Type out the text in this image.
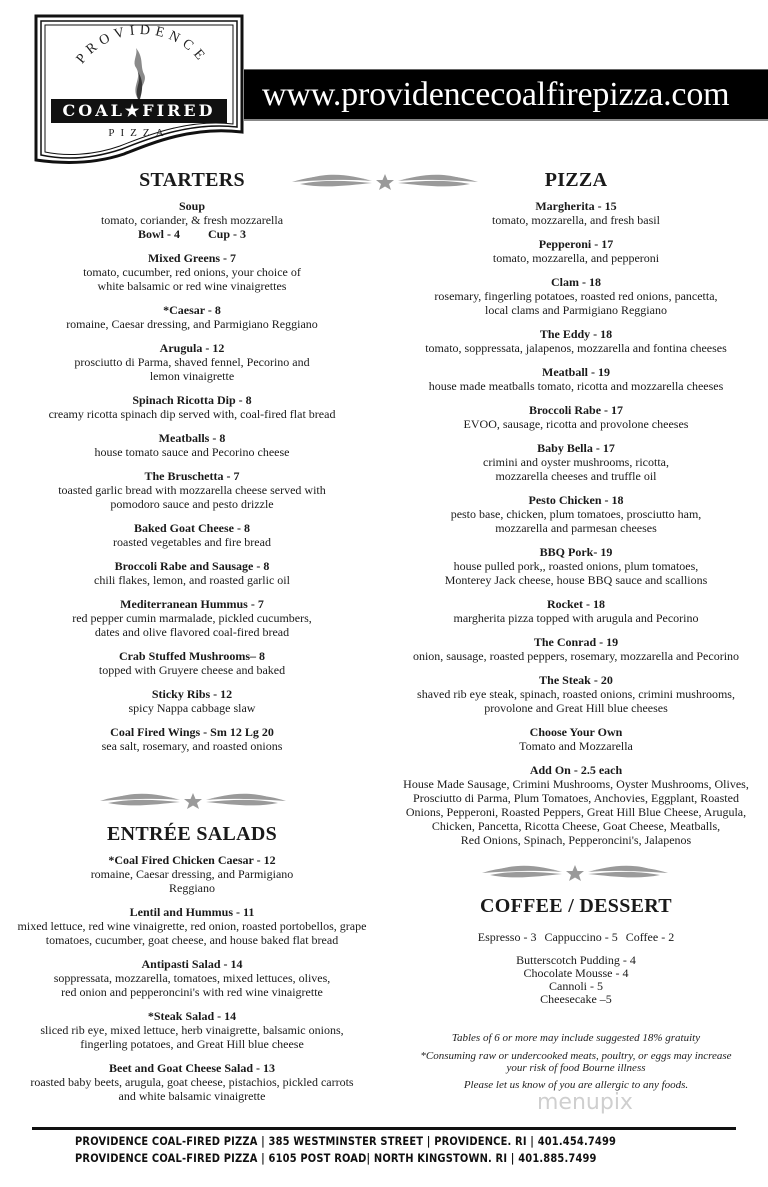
PROVIDENCE
COAL★FIRED
PIZZA
www.providencecoalfirepizza.com
STARTERS
Soup
tomato, coriander, & fresh mozzarella
Bowl - 4 Cup - 3
Mixed Greens - 7
tomato, cucumber, red onions, your choice of
white balsamic or red wine vinaigrettes
*Caesar - 8
romaine, Caesar dressing, and Parmigiano Reggiano
Arugula - 12
prosciutto di Parma, shaved fennel, Pecorino and
lemon vinaigrette
Spinach Ricotta Dip - 8
creamy ricotta spinach dip served with, coal-fired flat bread
Meatballs - 8
house tomato sauce and Pecorino cheese
The Bruschetta - 7
toasted garlic bread with mozzarella cheese served with
pomodoro sauce and pesto drizzle
Baked Goat Cheese - 8
roasted vegetables and fire bread
Broccoli Rabe and Sausage - 8
chili flakes, lemon, and roasted garlic oil
Mediterranean Hummus - 7
red pepper cumin marmalade, pickled cucumbers,
dates and olive flavored coal-fired bread
Crab Stuffed Mushrooms– 8
topped with Gruyere cheese and baked
Sticky Ribs - 12
spicy Nappa cabbage slaw
Coal Fired Wings - Sm 12 Lg 20
sea salt, rosemary, and roasted onions
ENTRÉE SALADS
*Coal Fired Chicken Caesar - 12
romaine, Caesar dressing, and Parmigiano
Reggiano
Lentil and Hummus - 11
mixed lettuce, red wine vinaigrette, red onion, roasted portobellos, grape
tomatoes, cucumber, goat cheese, and house baked flat bread
Antipasti Salad - 14
soppressata, mozzarella, tomatoes, mixed lettuces, olives,
red onion and pepperoncini's with red wine vinaigrette
*Steak Salad - 14
sliced rib eye, mixed lettuce, herb vinaigrette, balsamic onions,
fingerling potatoes, and Great Hill blue cheese
Beet and Goat Cheese Salad - 13
roasted baby beets, arugula, goat cheese, pistachios, pickled carrots
and white balsamic vinaigrette
PIZZA
Margherita - 15
tomato, mozzarella, and fresh basil
Pepperoni - 17
tomato, mozzarella, and pepperoni
Clam - 18
rosemary, fingerling potatoes, roasted red onions, pancetta,
local clams and Parmigiano Reggiano
The Eddy - 18
tomato, soppressata, jalapenos, mozzarella and fontina cheeses
Meatball - 19
house made meatballs tomato, ricotta and mozzarella cheeses
Broccoli Rabe - 17
EVOO, sausage, ricotta and provolone cheeses
Baby Bella - 17
crimini and oyster mushrooms, ricotta,
mozzarella cheeses and truffle oil
Pesto Chicken - 18
pesto base, chicken, plum tomatoes, prosciutto ham,
mozzarella and parmesan cheeses
BBQ Pork- 19
house pulled pork,, roasted onions, plum tomatoes,
Monterey Jack cheese, house BBQ sauce and scallions
Rocket - 18
margherita pizza topped with arugula and Pecorino
The Conrad - 19
onion, sausage, roasted peppers, rosemary, mozzarella and Pecorino
The Steak - 20
shaved rib eye steak, spinach, roasted onions, crimini mushrooms,
provolone and Great Hill blue cheeses
Choose Your Own
Tomato and Mozzarella
Add On - 2.5 each
House Made Sausage, Crimini Mushrooms, Oyster Mushrooms, Olives,
Prosciutto di Parma, Plum Tomatoes, Anchovies, Eggplant, Roasted
Onions, Pepperoni, Roasted Peppers, Great Hill Blue Cheese, Arugula,
Chicken, Pancetta, Ricotta Cheese, Goat Cheese, Meatballs,
Red Onions, Spinach, Pepperoncini's, Jalapenos
COFFEE / DESSERT
Espresso - 3 Cappuccino - 5 Coffee - 2
Butterscotch Pudding - 4
Chocolate Mousse - 4
Cannoli - 5
Cheesecake –5
Tables of 6 or more may include suggested 18% gratuity
*Consuming raw or undercooked meats, poultry, or eggs may increase
your risk of food Bourne illness
Please let us know of you are allergic to any foods.
menupix
PROVIDENCE COAL-FIRED PIZZA | 385 WESTMINSTER STREET | PROVIDENCE. RI | 401.454.7499
PROVIDENCE COAL-FIRED PIZZA | 6105 POST ROAD| NORTH KINGSTOWN. RI | 401.885.7499
